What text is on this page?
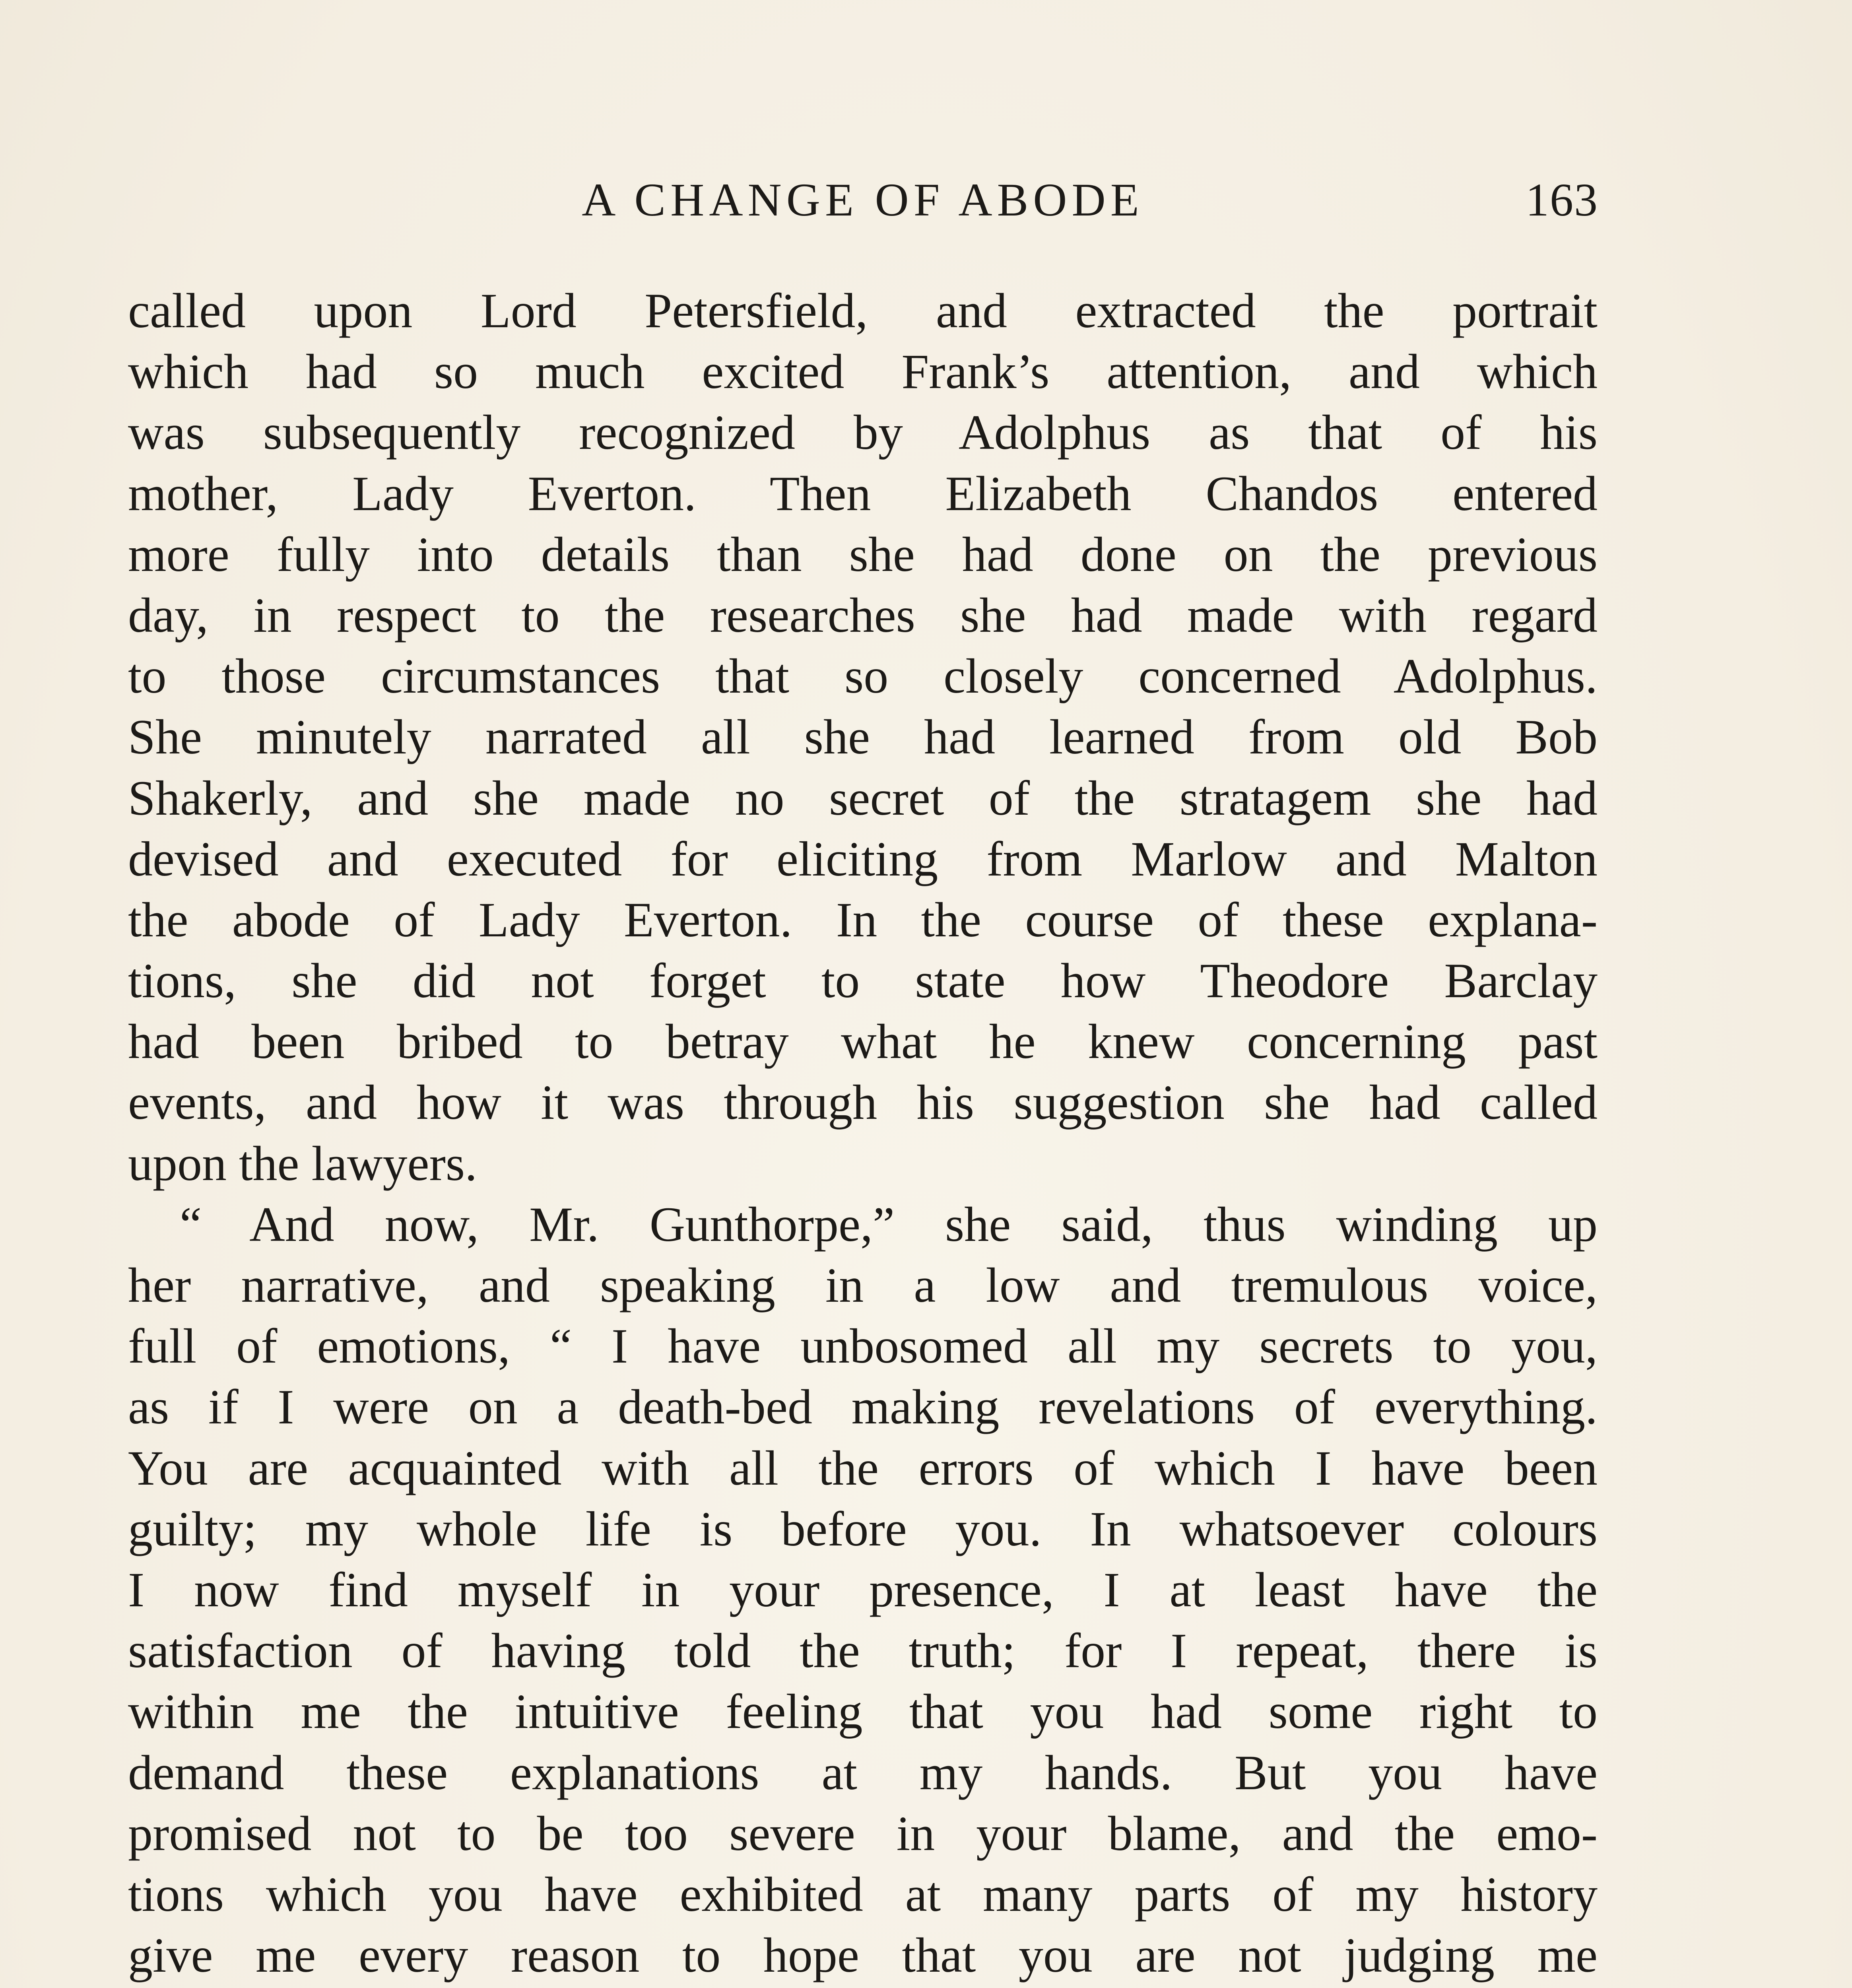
A CHANGE OF ABODE	163
called upon Lord Petersfield, and extracted the portrait
which had so much excited Frank’s attention, and which
was subsequently recognized by Adolphus as that of his
mother, Lady Everton. Then Elizabeth Chandos entered
more fully into details than she had done on the previous
day, in respect to the researches she had made with regard
to those circumstances that so closely concerned Adolphus.
She minutely narrated all she had learned from old Bob
Shakerly, and she made no secret of the stratagem she had
devised and executed for eliciting from Marlow and Malton
the abode of Lady Everton. In the course of these explana-
tions, she did not forget to state how Theodore Barclay
had been bribed to betray what he knew concerning past
events, and how it was through his suggestion she had called
upon the lawyers.
“ And now, Mr. Gunthorpe,” she said, thus winding up
her narrative, and speaking in a low and tremulous voice,
full of emotions, “ I have unbosomed all my secrets to you,
as if I were on a death-bed making revelations of everything.
You are acquainted with all the errors of which I have been
guilty; my whole life is before you. In whatsoever colours
I now find myself in your presence, I at least have the
satisfaction of having told the truth; for I repeat, there is
within me the intuitive feeling that you had some right to
demand these explanations at my hands. But you have
promised not to be too severe in your blame, and the emo-
tions which you have exhibited at many parts of my history
give me every reason to hope that you are not judging me
